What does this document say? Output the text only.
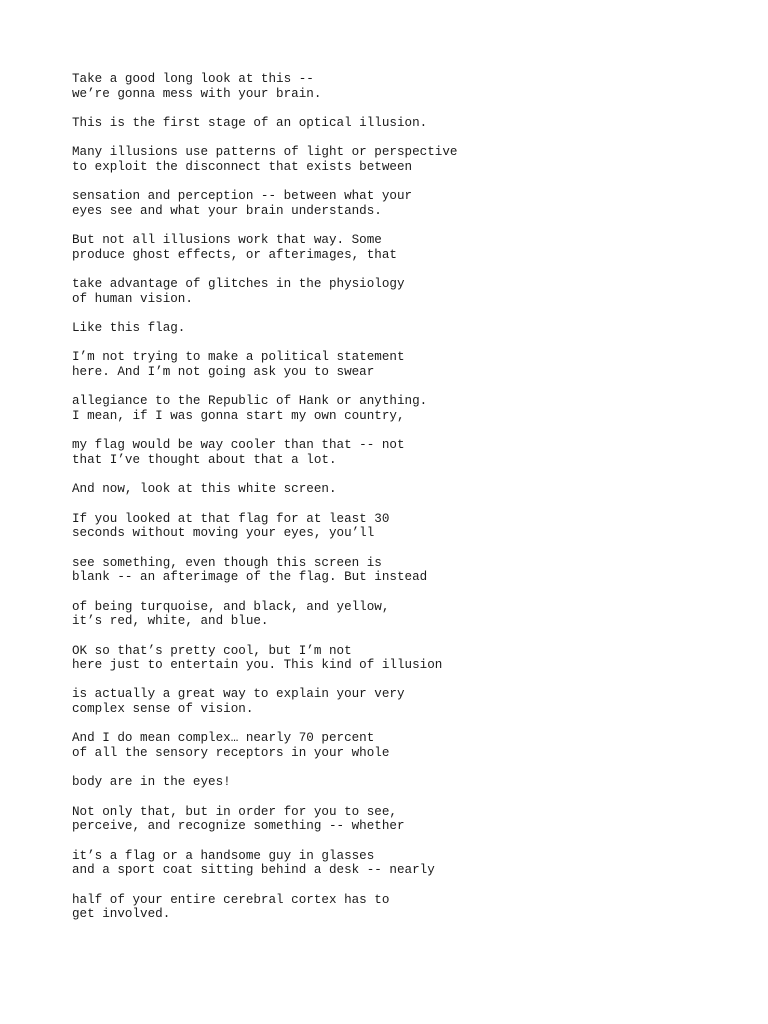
Take a good long look at this --
we’re gonna mess with your brain.

This is the first stage of an optical illusion.

Many illusions use patterns of light or perspective
to exploit the disconnect that exists between

sensation and perception -- between what your
eyes see and what your brain understands.

But not all illusions work that way. Some
produce ghost effects, or afterimages, that

take advantage of glitches in the physiology
of human vision.

Like this flag.

I’m not trying to make a political statement
here. And I’m not going ask you to swear

allegiance to the Republic of Hank or anything.
I mean, if I was gonna start my own country,

my flag would be way cooler than that -- not
that I’ve thought about that a lot.

And now, look at this white screen.

If you looked at that flag for at least 30
seconds without moving your eyes, you’ll

see something, even though this screen is
blank -- an afterimage of the flag. But instead

of being turquoise, and black, and yellow,
it’s red, white, and blue.

OK so that’s pretty cool, but I’m not
here just to entertain you. This kind of illusion

is actually a great way to explain your very
complex sense of vision.

And I do mean complex… nearly 70 percent
of all the sensory receptors in your whole

body are in the eyes!

Not only that, but in order for you to see,
perceive, and recognize something -- whether

it’s a flag or a handsome guy in glasses
and a sport coat sitting behind a desk -- nearly

half of your entire cerebral cortex has to
get involved.
